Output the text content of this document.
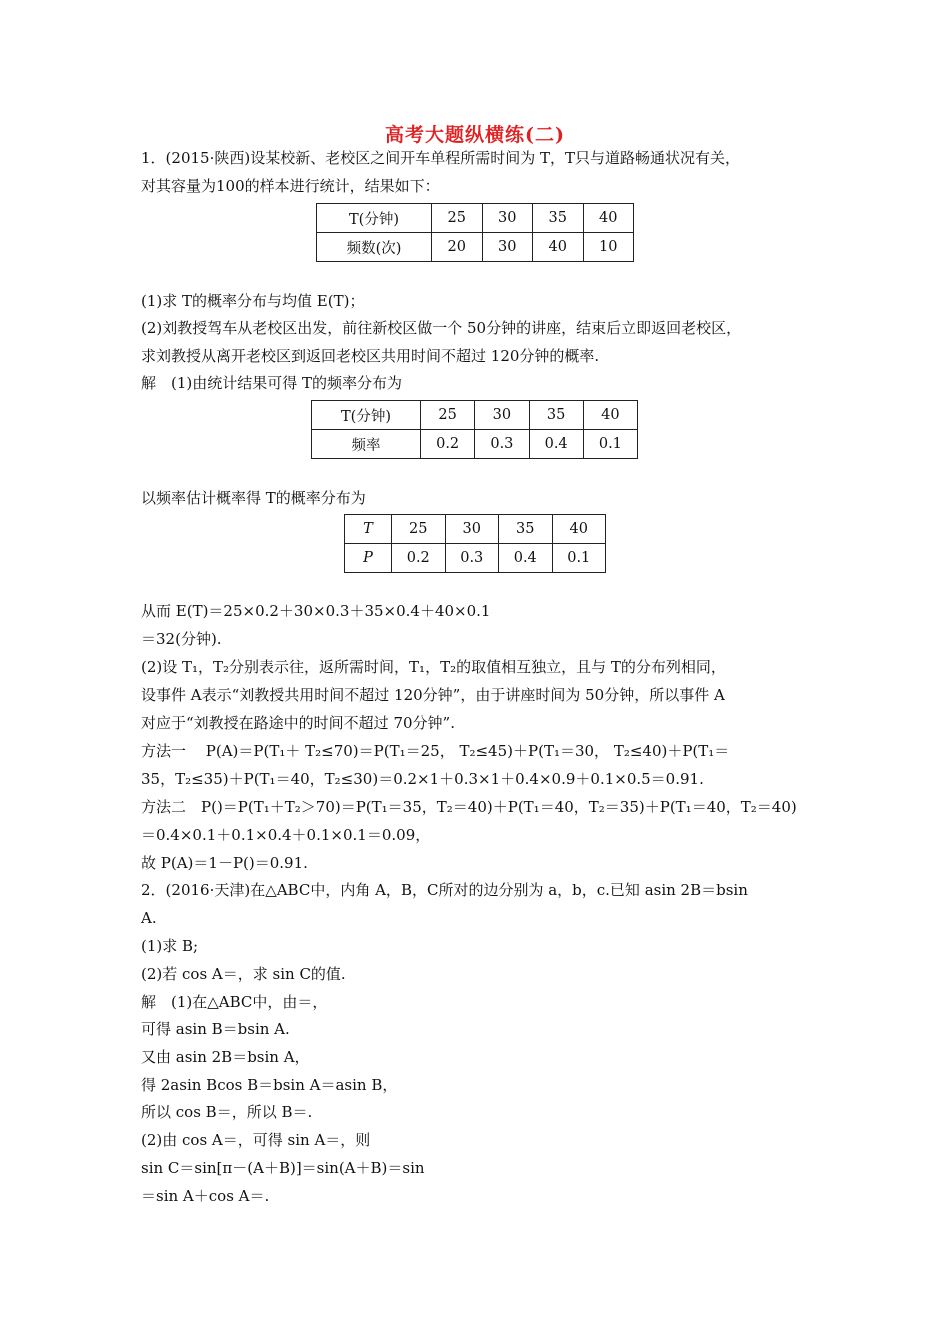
高考大题纵横练(二)
1．(2015·陕西)设某校新、老校区之间开车单程所需时间为 T，T只与道路畅通状况有关，
对其容量为100的样本进行统计，结果如下：
T(分钟)	25	30	35	40
频数(次)	20	30	40	10
(1)求 T的概率分布与均值 E(T)；
(2)刘教授驾车从老校区出发，前往新校区做一个 50分钟的讲座，结束后立即返回老校区，
求刘教授从离开老校区到返回老校区共用时间不超过 120分钟的概率.
解　(1)由统计结果可得 T的频率分布为
T(分钟)	25	30	35	40
频率	0.2	0.3	0.4	0.1
以频率估计概率得 T的概率分布为
T	25	30	35	40
P	0.2	0.3	0.4	0.1
从而 E(T)＝25×0.2＋30×0.3＋35×0.4＋40×0.1
＝32(分钟).
(2)设 T₁，T₂分别表示往，返所需时间，T₁，T₂的取值相互独立，且与 T的分布列相同，
设事件 A表示“刘教授共用时间不超过 120分钟”，由于讲座时间为 50分钟，所以事件 A
对应于“刘教授在路途中的时间不超过 70分钟”.
方法一　 P(A)＝P(T₁＋ T₂≤70)＝P(T₁＝25， T₂≤45)＋P(T₁＝30， T₂≤40)＋P(T₁＝
35，T₂≤35)＋P(T₁＝40，T₂≤30)＝0.2×1＋0.3×1＋0.4×0.9＋0.1×0.5＝0.91.
方法二　P()＝P(T₁＋T₂＞70)＝P(T₁＝35，T₂＝40)＋P(T₁＝40，T₂＝35)＋P(T₁＝40，T₂＝40)
＝0.4×0.1＋0.1×0.4＋0.1×0.1＝0.09，
故 P(A)＝1－P()＝0.91.
2．(2016·天津)在△ABC中，内角 A，B，C所对的边分别为 a，b，c.已知 asin 2B＝bsin
A.
(1)求 B;
(2)若 cos A＝，求 sin C的值.
解　(1)在△ABC中，由＝，
可得 asin B＝bsin A.
又由 asin 2B＝bsin A，
得 2asin Bcos B＝bsin A＝asin B，
所以 cos B＝，所以 B＝.
(2)由 cos A＝，可得 sin A＝，则
sin C＝sin[π－(A＋B)]＝sin(A＋B)＝sin
＝sin A＋cos A＝.
